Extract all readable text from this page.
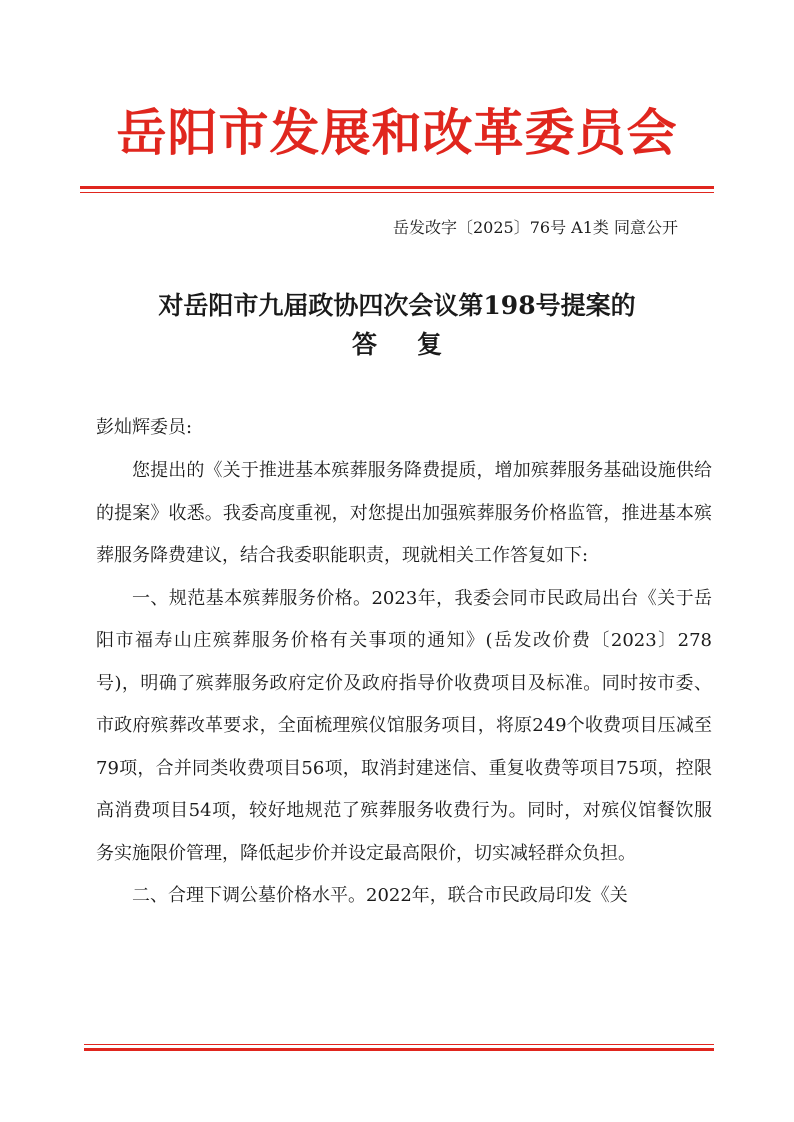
岳阳市发展和改革委员会
岳发改字〔2025〕76号 A1类 同意公开
对岳阳市九届政协四次会议第198号提案的
答复
彭灿辉委员:

您提出的《关于推进基本殡葬服务降费提质，增加殡葬服务基础设施供给的提案》收悉。我委高度重视，对您提出加强殡葬服务价格监管，推进基本殡葬服务降费建议，结合我委职能职责，现就相关工作答复如下:

一、规范基本殡葬服务价格。2023年，我委会同市民政局出台《关于岳阳市福寿山庄殡葬服务价格有关事项的通知》(岳发改价费〔2023〕278号)，明确了殡葬服务政府定价及政府指导价收费项目及标准。同时按市委、市政府殡葬改革要求，全面梳理殡仪馆服务项目，将原249个收费项目压减至79项，合并同类收费项目56项，取消封建迷信、重复收费等项目75项，控限高消费项目54项，较好地规范了殡葬服务收费行为。同时，对殡仪馆餐饮服务实施限价管理，降低起步价并设定最高限价，切实减轻群众负担。

二、合理下调公墓价格水平。2022年，联合市民政局印发《关
